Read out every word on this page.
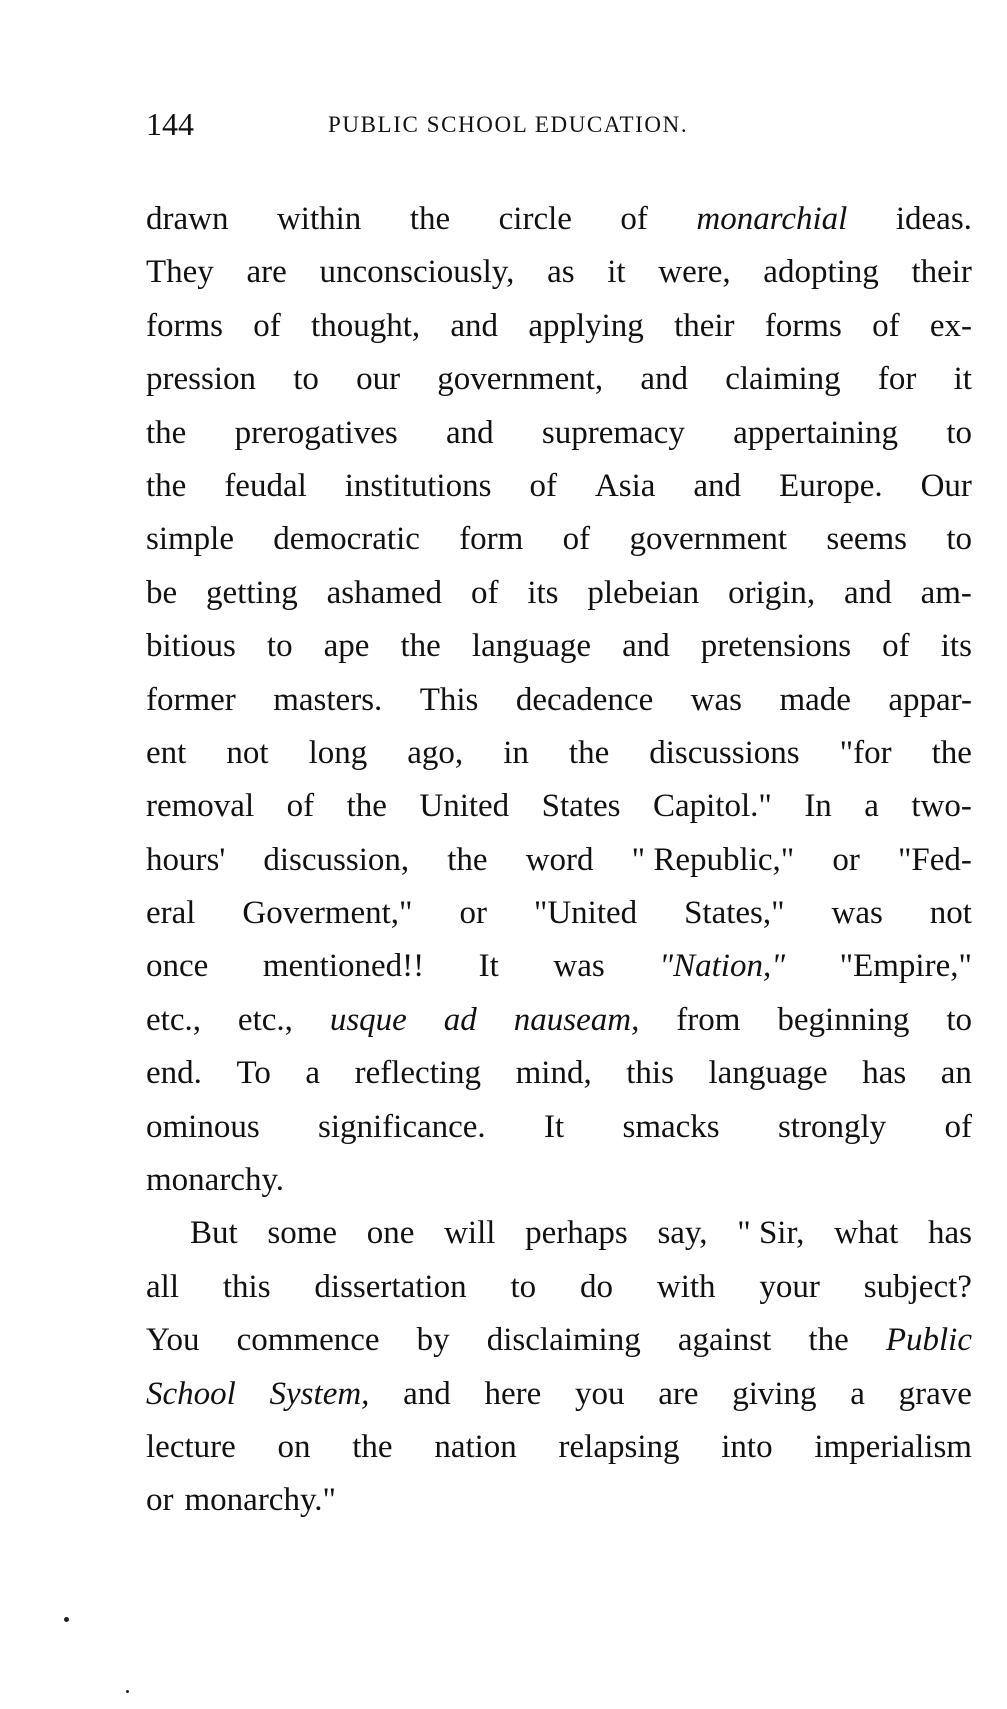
144	PUBLIC SCHOOL EDUCATION.
drawn within the circle of monarchial ideas.
They are unconsciously, as it were, adopting their
forms of thought, and applying their forms of ex-
pression to our government, and claiming for it
the prerogatives and supremacy appertaining to
the feudal institutions of Asia and Europe. Our
simple democratic form of government seems to
be getting ashamed of its plebeian origin, and am-
bitious to ape the language and pretensions of its
former masters. This decadence was made appar-
ent not long ago, in the discussions "for the
removal of the United States Capitol." In a two-
hours' discussion, the word " Republic," or "Fed-
eral Goverment," or "United States," was not
once mentioned!! It was "Nation," "Empire,"
etc., etc., usque ad nauseam, from beginning to
end. To a reflecting mind, this language has an
ominous significance. It smacks strongly of
monarchy.
But some one will perhaps say, " Sir, what has
all this dissertation to do with your subject?
You commence by disclaiming against the Public
School System, and here you are giving a grave
lecture on the nation relapsing into imperialism
or monarchy."
